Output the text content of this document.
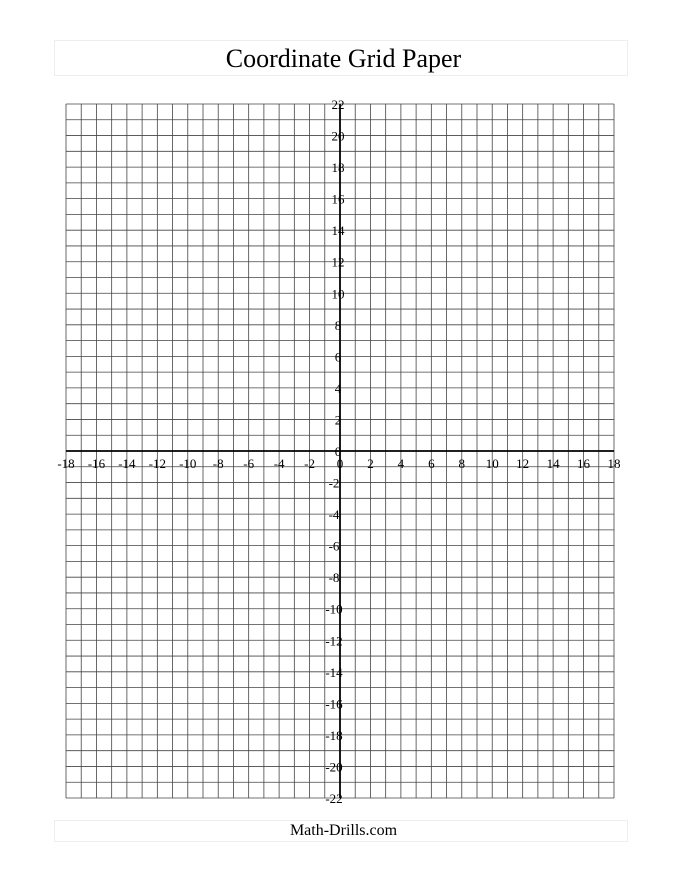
Coordinate Grid Paper
-18 -16 -14 -12 -10 -8 -6 -4 -2 0 2 4 6 8 10 12 14 16 18
22
20
18
16
14
12
10
8
6
4
2
0
-2
-4
-6
-8
-10
-12
-14
-16
-18
-20
-22
Math-Drills.com
